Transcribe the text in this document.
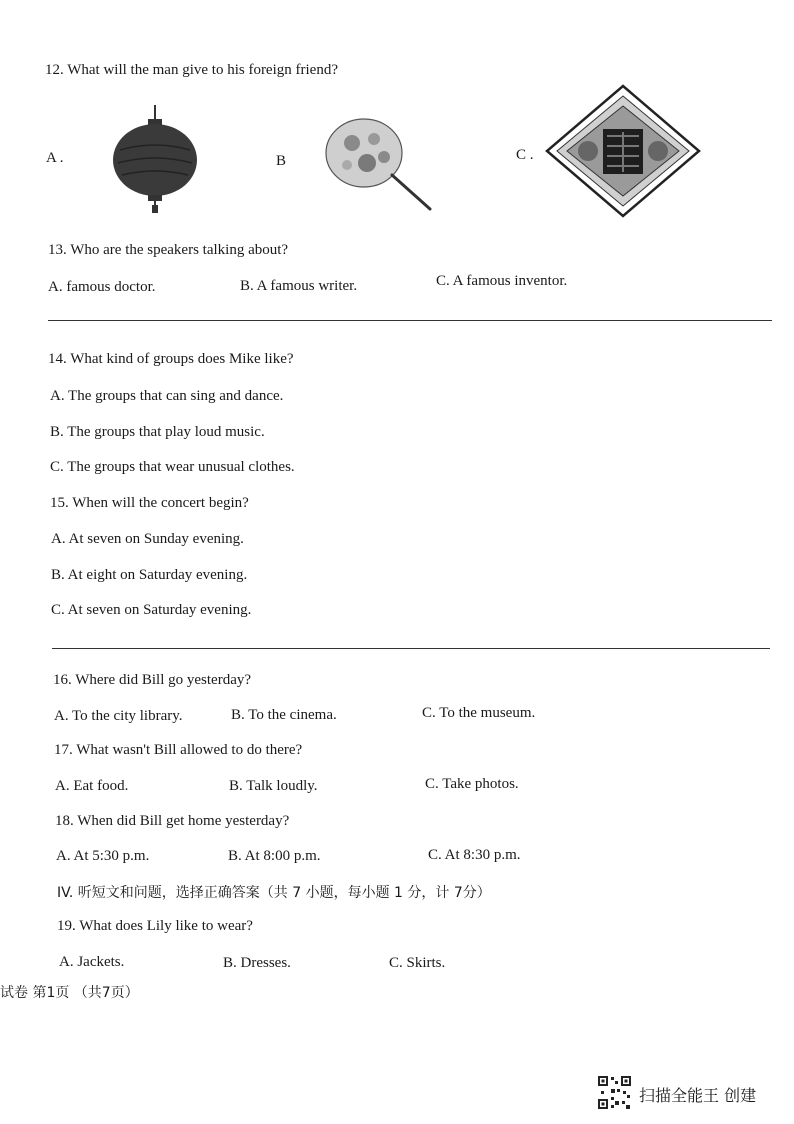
12. What will the man give to his foreign friend?
A .	B	C .
13. Who are the speakers talking about?
A. famous doctor.	B. A famous writer.	C. A famous inventor.
14. What kind of groups does Mike like?
A. The groups that can sing and dance.
B. The groups that play loud music.
C. The groups that wear unusual clothes.
15. When will the concert begin?
A. At seven on Sunday evening.
B. At eight on Saturday evening.
C. At seven on Saturday evening.
16. Where did Bill go yesterday?
A. To the city library.	B. To the cinema.	C. To the museum.
17. What wasn't Bill allowed to do there?
A. Eat food.	B. Talk loudly.	C. Take photos.
18. When did Bill get home yesterday?
A. At 5:30 p.m.	B. At 8:00 p.m.	C. At 8:30 p.m.
IV. 听短文和问题，选择正确答案（共 7 小题，每小题 1 分，计 7分）
19. What does Lily like to wear?
A. Jackets.	B. Dresses.	C. Skirts.
试卷 第1页 （共7页）
扫描全能王 创建
